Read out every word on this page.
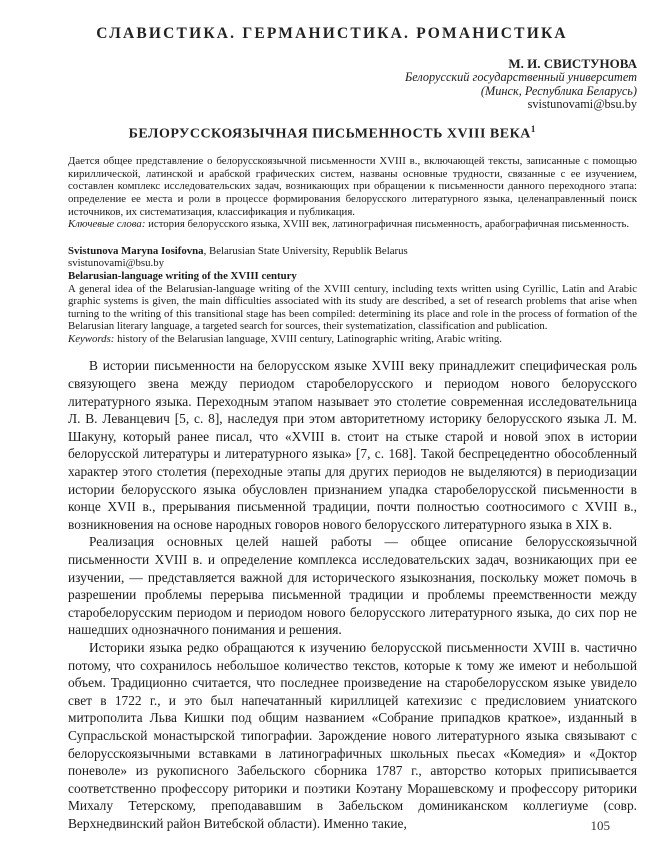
СЛАВИСТИКА. ГЕРМАНИСТИКА. РОМАНИСТИКА
М. И. СВИСТУНОВА
Белорусский государственный университет
(Минск, Республика Беларусь)
svistunovami@bsu.by
БЕЛОРУССКОЯЗЫЧНАЯ ПИСЬМЕННОСТЬ XVIII ВЕКА$^1$
Дается общее представление о белорусскоязычной письменности XVIII в., включающей тексты, записанные с помощью кириллической, латинской и арабской графических систем, названы основные трудности, связанные с ее изучением, составлен комплекс исследовательских задач, возникающих при обращении к письменности данного переходного этапа: определение ее места и роли в процессе формирования белорусского литературного языка, целенаправленный поиск источников, их систематизация, классификация и публикация.
Ключевые слова: история белорусского языка, XVIII век, латинографичная письменность, арабографичная письменность.
Svistunova Maryna Iosifovna, Belarusian State University, Republik Belarus
svistunovami@bsu.by
Belarusian-language writing of the XVIII century
A general idea of the Belarusian-language writing of the XVIII century, including texts written using Cyrillic, Latin and Arabic graphic systems is given, the main difficulties associated with its study are described, a set of research problems that arise when turning to the writing of this transitional stage has been compiled: determining its place and role in the process of formation of the Belarusian literary language, a targeted search for sources, their systematization, classification and publication.
Keywords: history of the Belarusian language, XVIII century, Latinographic writing, Arabic writing.

В истории письменности на белорусском языке XVIII веку принадлежит специфическая роль связующего звена между периодом старобелорусского и периодом нового белорусского литературного языка. Переходным этапом называет это столетие современная исследовательница Л. В. Леванцевич [5, с. 8], наследуя при этом авторитетному историку белорусского языка Л. М. Шакуну, который ранее писал, что «XVIII в. стоит на стыке старой и новой эпох в истории белорусской литературы и литературного языка» [7, с. 168]. Такой беспрецедентно обособленный характер этого столетия (переходные этапы для других периодов не выделяются) в периодизации истории белорусского языка обусловлен признанием упадка старобелорусской письменности в конце XVII в., прерывания письменной традиции, почти полностью соотносимого с XVIII в., возникновения на основе народных говоров нового белорусского литературного языка в XIX в.

Реализация основных целей нашей работы — общее описание белорусскоязычной письменности XVIII в. и определение комплекса исследовательских задач, возникающих при ее изучении, — представляется важной для исторического языкознания, поскольку может помочь в разрешении проблемы перерыва письменной традиции и проблемы преемственности между старобелорусским периодом и периодом нового белорусского литературного языка, до сих пор не нашедших однозначного понимания и решения.

Историки языка редко обращаются к изучению белорусской письменности XVIII в. частично потому, что сохранилось небольшое количество текстов, которые к тому же имеют и небольшой объем. Традиционно считается, что последнее произведение на старобелорусском языке увидело свет в 1722 г., и это был напечатанный кириллицей катехизис с предисловием униатского митрополита Льва Кишки под общим названием «Собрание припадков краткое», изданный в Супрасльской монастырской типографии. Зарождение нового литературного языка связывают с белорусскоязычными вставками в латинографичных школьных пьесах «Комедия» и «Доктор поневоле» из рукописного Забельского сборника 1787 г., авторство которых приписывается соответственно профессору риторики и поэтики Коэтану Морашевскому и профессору риторики Михалу Тетерскому, преподававшим в Забельском доминиканском коллегиуме (совр. Верхнедвинский район Витебской области). Именно такие,	105
